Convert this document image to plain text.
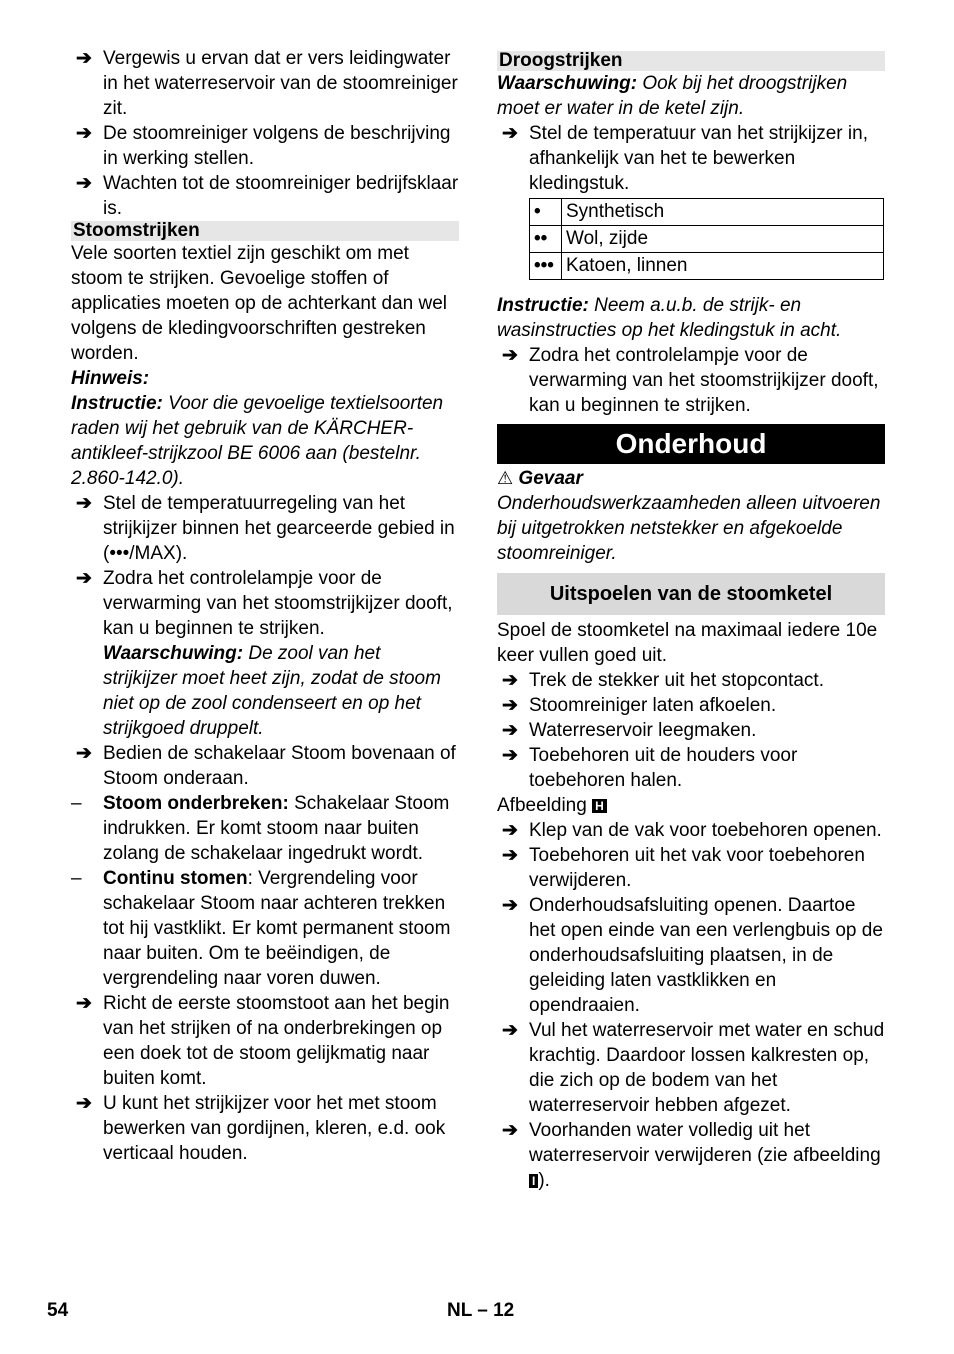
➔ Vergewis u ervan dat er vers leidingwater in het waterreservoir van de stoomreiniger zit.

➔ De stoomreiniger volgens de beschrijving in werking stellen.

➔ Wachten tot de stoomreiniger bedrijfsklaar is.

Stoomstrijken

Vele soorten textiel zijn geschikt om met stoom te strijken. Gevoelige stoffen of applicaties moeten op de achterkant dan wel volgens de kledingvoorschriften gestreken worden.

Hinweis:

Instructie: Voor die gevoelige textielsoorten raden wij het gebruik van de KÄRCHER-antikleef-strijkzool BE 6006 aan (bestelnr. 2.860-142.0).

➔ Stel de temperatuurregeling van het strijkijzer binnen het gearceerde gebied in (•••/MAX).

➔ Zodra het controlelampje voor de verwarming van het stoomstrijkijzer dooft, kan u beginnen te strijken.

Waarschuwing: De zool van het strijkijzer moet heet zijn, zodat de stoom niet op de zool condenseert en op het strijkgoed druppelt.

➔ Bedien de schakelaar Stoom bovenaan of Stoom onderaan.

– Stoom onderbreken: Schakelaar Stoom indrukken. Er komt stoom naar buiten zolang de schakelaar ingedrukt wordt.

– Continu stomen: Vergrendeling voor schakelaar Stoom naar achteren trekken tot hij vastklikt. Er komt permanent stoom naar buiten. Om te beëindigen, de vergrendeling naar voren duwen.

➔ Richt de eerste stoomstoot aan het begin van het strijken of na onderbrekingen op een doek tot de stoom gelijkmatig naar buiten komt.

➔ U kunt het strijkijzer voor het met stoom bewerken van gordijnen, kleren, e.d. ook verticaal houden.

Droogstrijken

Waarschuwing: Ook bij het droogstrijken moet er water in de ketel zijn.

➔ Stel de temperatuur van het strijkijzer in, afhankelijk van het te bewerken kledingstuk.

•	Synthetisch
••	Wol, zijde
•••	Katoen, linnen

Instructie: Neem a.u.b. de strijk- en wasinstructies op het kledingstuk in acht.

➔ Zodra het controlelampje voor de verwarming van het stoomstrijkijzer dooft, kan u beginnen te strijken.

Onderhoud

⚠ Gevaar

Onderhoudswerkzaamheden alleen uitvoeren bij uitgetrokken netstekker en afgekoelde stoomreiniger.

Uitspoelen van de stoomketel

Spoel de stoomketel na maximaal iedere 10e keer vullen goed uit.

➔ Trek de stekker uit het stopcontact.

➔ Stoomreiniger laten afkoelen.

➔ Waterreservoir leegmaken.

➔ Toebehoren uit de houders voor toebehoren halen.

Afbeelding H

➔ Klep van de vak voor toebehoren openen.

➔ Toebehoren uit het vak voor toebehoren verwijderen.

➔ Onderhoudsafsluiting openen. Daartoe het open einde van een verlengbuis op de onderhoudsafsluiting plaatsen, in de geleiding laten vastklikken en opendraaien.

➔ Vul het waterreservoir met water en schud krachtig. Daardoor lossen kalkresten op, die zich op de bodem van het waterreservoir hebben afgezet.

➔ Voorhanden water volledig uit het waterreservoir verwijderen (zie afbeelding I ).

54	NL – 12
